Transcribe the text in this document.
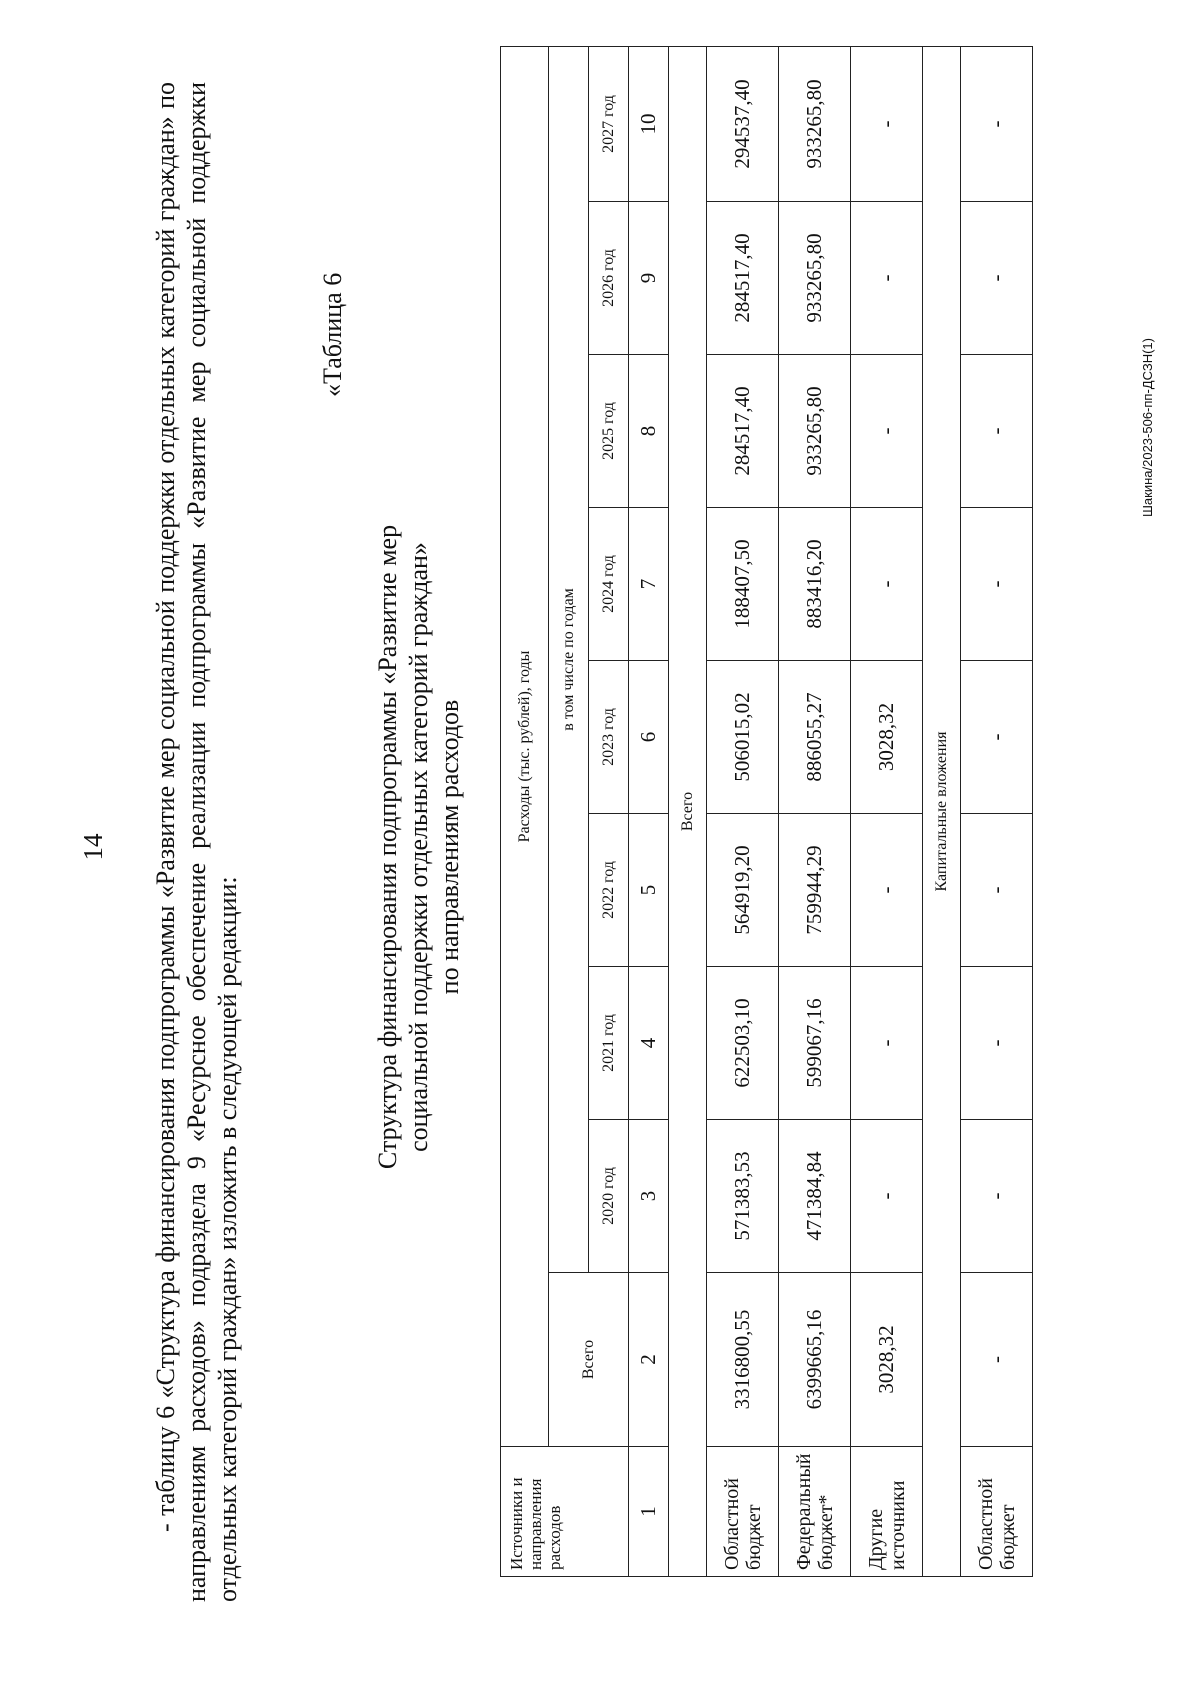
14 - таблицу 6 «Структура финансирования подпрограммы «Развитие мер социальной поддержки отдельных категорий граждан» по направлениям расходов» подраздела 9 «Ресурсное обеспечение реализации подпрограммы «Развитие мер социальной поддержки отдельных категорий граждан» изложить в следующей редакции:

«Таблица 6
Структура финансирования подпрограммы «Развитие мер социальной поддержки отдельных категорий граждан» по направлениям расходов
Источники и направления расходов	Расходы (тыс. рублей), годы								
	Всего	в том числе по годам							
		2020 год	2021 год	2022 год	2023 год	2024 год	2025 год	2026 год	2027 год
1	2	3	4	5	6	7	8	9	10
Всего									
Областной бюджет	3316800,55	571383,53	622503,10	564919,20	506015,02	188407,50	284517,40	284517,40	294537,40
Федеральный бюджет*	6399665,16	471384,84	599067,16	759944,29	886055,27	883416,20	933265,80	933265,80	933265,80
Другие источники	3028,32	-	-	-	3028,32	-	-	-	-
Капитальные вложения									
Областной бюджет	-	-	-	-	-	-	-	-	-
Шакина/2023-506-пп-ДСЗН(1)
